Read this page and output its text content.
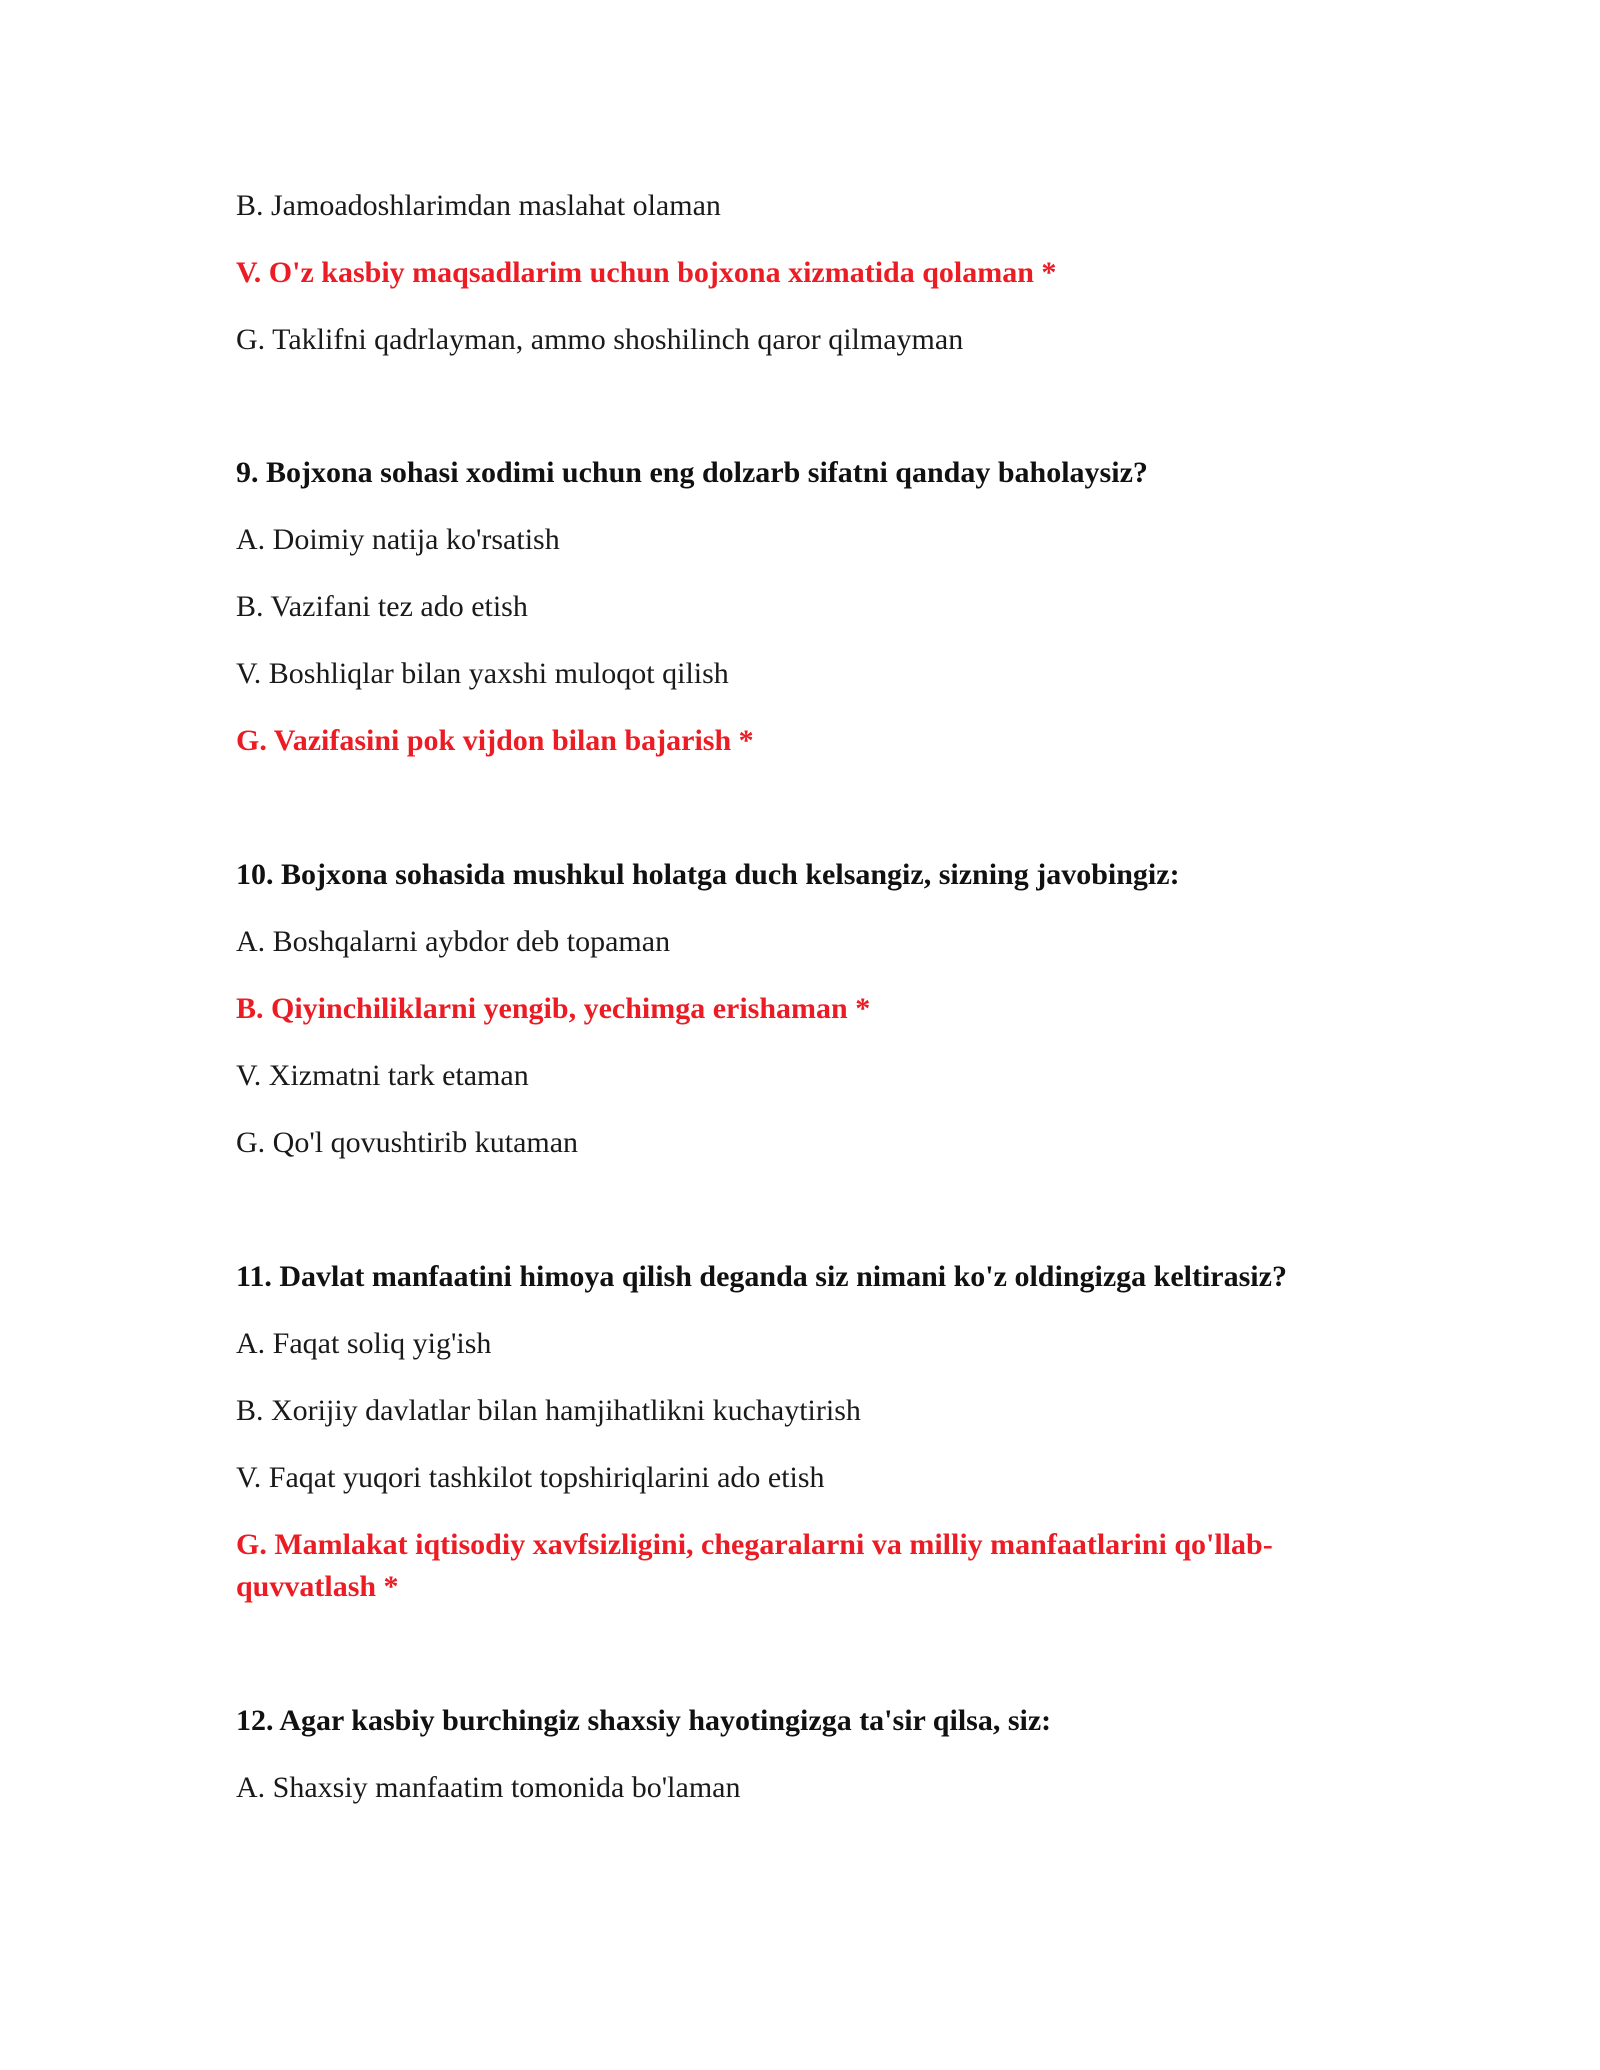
B. Jamoadoshlarimdan maslahat olaman
V. O'z kasbiy maqsadlarim uchun bojxona xizmatida qolaman *
G. Taklifni qadrlayman, ammo shoshilinch qaror qilmayman
9. Bojxona sohasi xodimi uchun eng dolzarb sifatni qanday baholaysiz?
A. Doimiy natija ko'rsatish
B. Vazifani tez ado etish
V. Boshliqlar bilan yaxshi muloqot qilish
G. Vazifasini pok vijdon bilan bajarish *
10. Bojxona sohasida mushkul holatga duch kelsangiz, sizning javobingiz:
A. Boshqalarni aybdor deb topaman
B. Qiyinchiliklarni yengib, yechimga erishaman *
V. Xizmatni tark etaman
G. Qo'l qovushtirib kutaman
11. Davlat manfaatini himoya qilish deganda siz nimani ko'z oldingizga keltirasiz?
A. Faqat soliq yig'ish
B. Xorijiy davlatlar bilan hamjihatlikni kuchaytirish
V. Faqat yuqori tashkilot topshiriqlarini ado etish
G. Mamlakat iqtisodiy xavfsizligini, chegaralarni va milliy manfaatlarini qo'llab-quvvatlash *
12. Agar kasbiy burchingiz shaxsiy hayotingizga ta'sir qilsa, siz:
A. Shaxsiy manfaatim tomonida bo'laman
